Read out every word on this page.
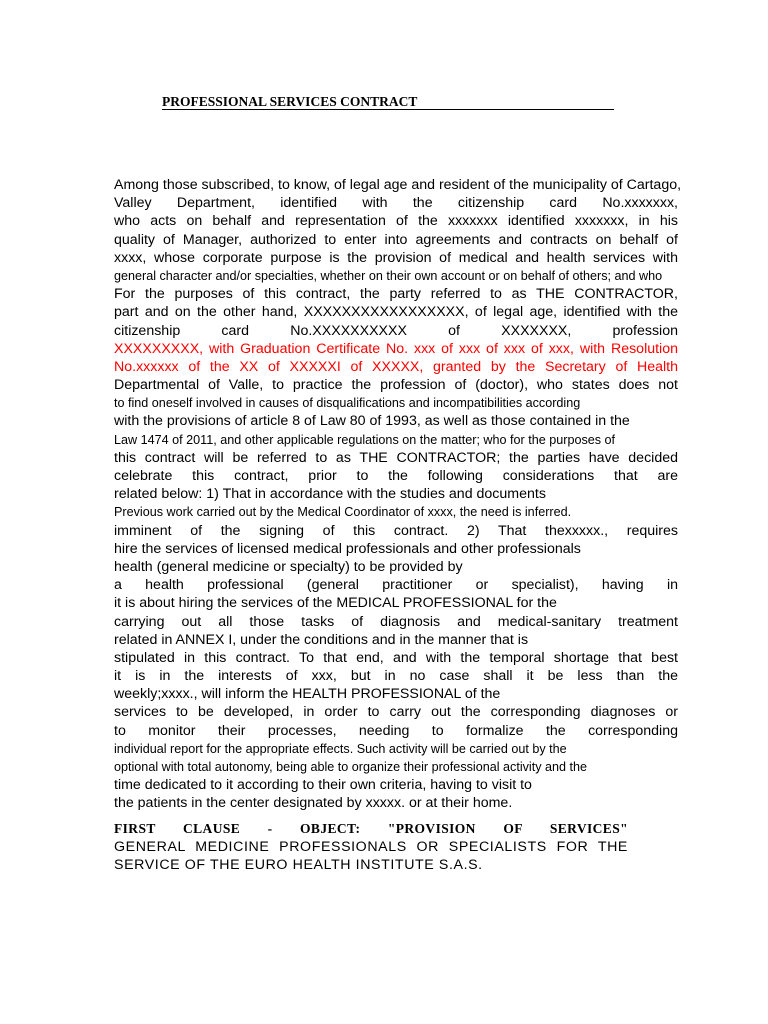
PROFESSIONAL SERVICES CONTRACT
Among those subscribed, to know, of legal age and resident of the municipality of Cartago,
Valley Department, identified with the citizenship card No.xxxxxxx,
who acts on behalf and representation of the xxxxxxx identified xxxxxxx, in his
quality of Manager, authorized to enter into agreements and contracts on behalf of
xxxx, whose corporate purpose is the provision of medical and health services with
general character and/or specialties, whether on their own account or on behalf of others; and who
For the purposes of this contract, the party referred to as THE CONTRACTOR,
part and on the other hand, XXXXXXXXXXXXXXXXX, of legal age, identified with the
citizenship card No.XXXXXXXXXX of XXXXXXX, profession
XXXXXXXXX, with Graduation Certificate No. xxx of xxx of xxx of xxx, with Resolution
No.xxxxxx of the XX of XXXXXI of XXXXX, granted by the Secretary of Health
Departmental of Valle, to practice the profession of (doctor), who states does not
to find oneself involved in causes of disqualifications and incompatibilities according
with the provisions of article 8 of Law 80 of 1993, as well as those contained in the
Law 1474 of 2011, and other applicable regulations on the matter; who for the purposes of
this contract will be referred to as THE CONTRACTOR; the parties have decided
celebrate this contract, prior to the following considerations that are
related below: 1) That in accordance with the studies and documents
Previous work carried out by the Medical Coordinator of xxxx, the need is inferred.
imminent of the signing of this contract. 2) That thexxxxx., requires
hire the services of licensed medical professionals and other professionals
health (general medicine or specialty) to be provided by
a health professional (general practitioner or specialist), having in
it is about hiring the services of the MEDICAL PROFESSIONAL for the
carrying out all those tasks of diagnosis and medical-sanitary treatment
related in ANNEX I, under the conditions and in the manner that is
stipulated in this contract. To that end, and with the temporal shortage that best
it is in the interests of xxx, but in no case shall it be less than the
weekly;xxxx., will inform the HEALTH PROFESSIONAL of the
services to be developed, in order to carry out the corresponding diagnoses or
to monitor their processes, needing to formalize the corresponding
individual report for the appropriate effects. Such activity will be carried out by the
optional with total autonomy, being able to organize their professional activity and the
time dedicated to it according to their own criteria, having to visit to
the patients in the center designated by xxxxx. or at their home.
FIRST CLAUSE - OBJECT: "PROVISION OF SERVICES"
GENERAL MEDICINE PROFESSIONALS OR SPECIALISTS FOR THE
SERVICE OF THE EURO HEALTH INSTITUTE S.A.S.
